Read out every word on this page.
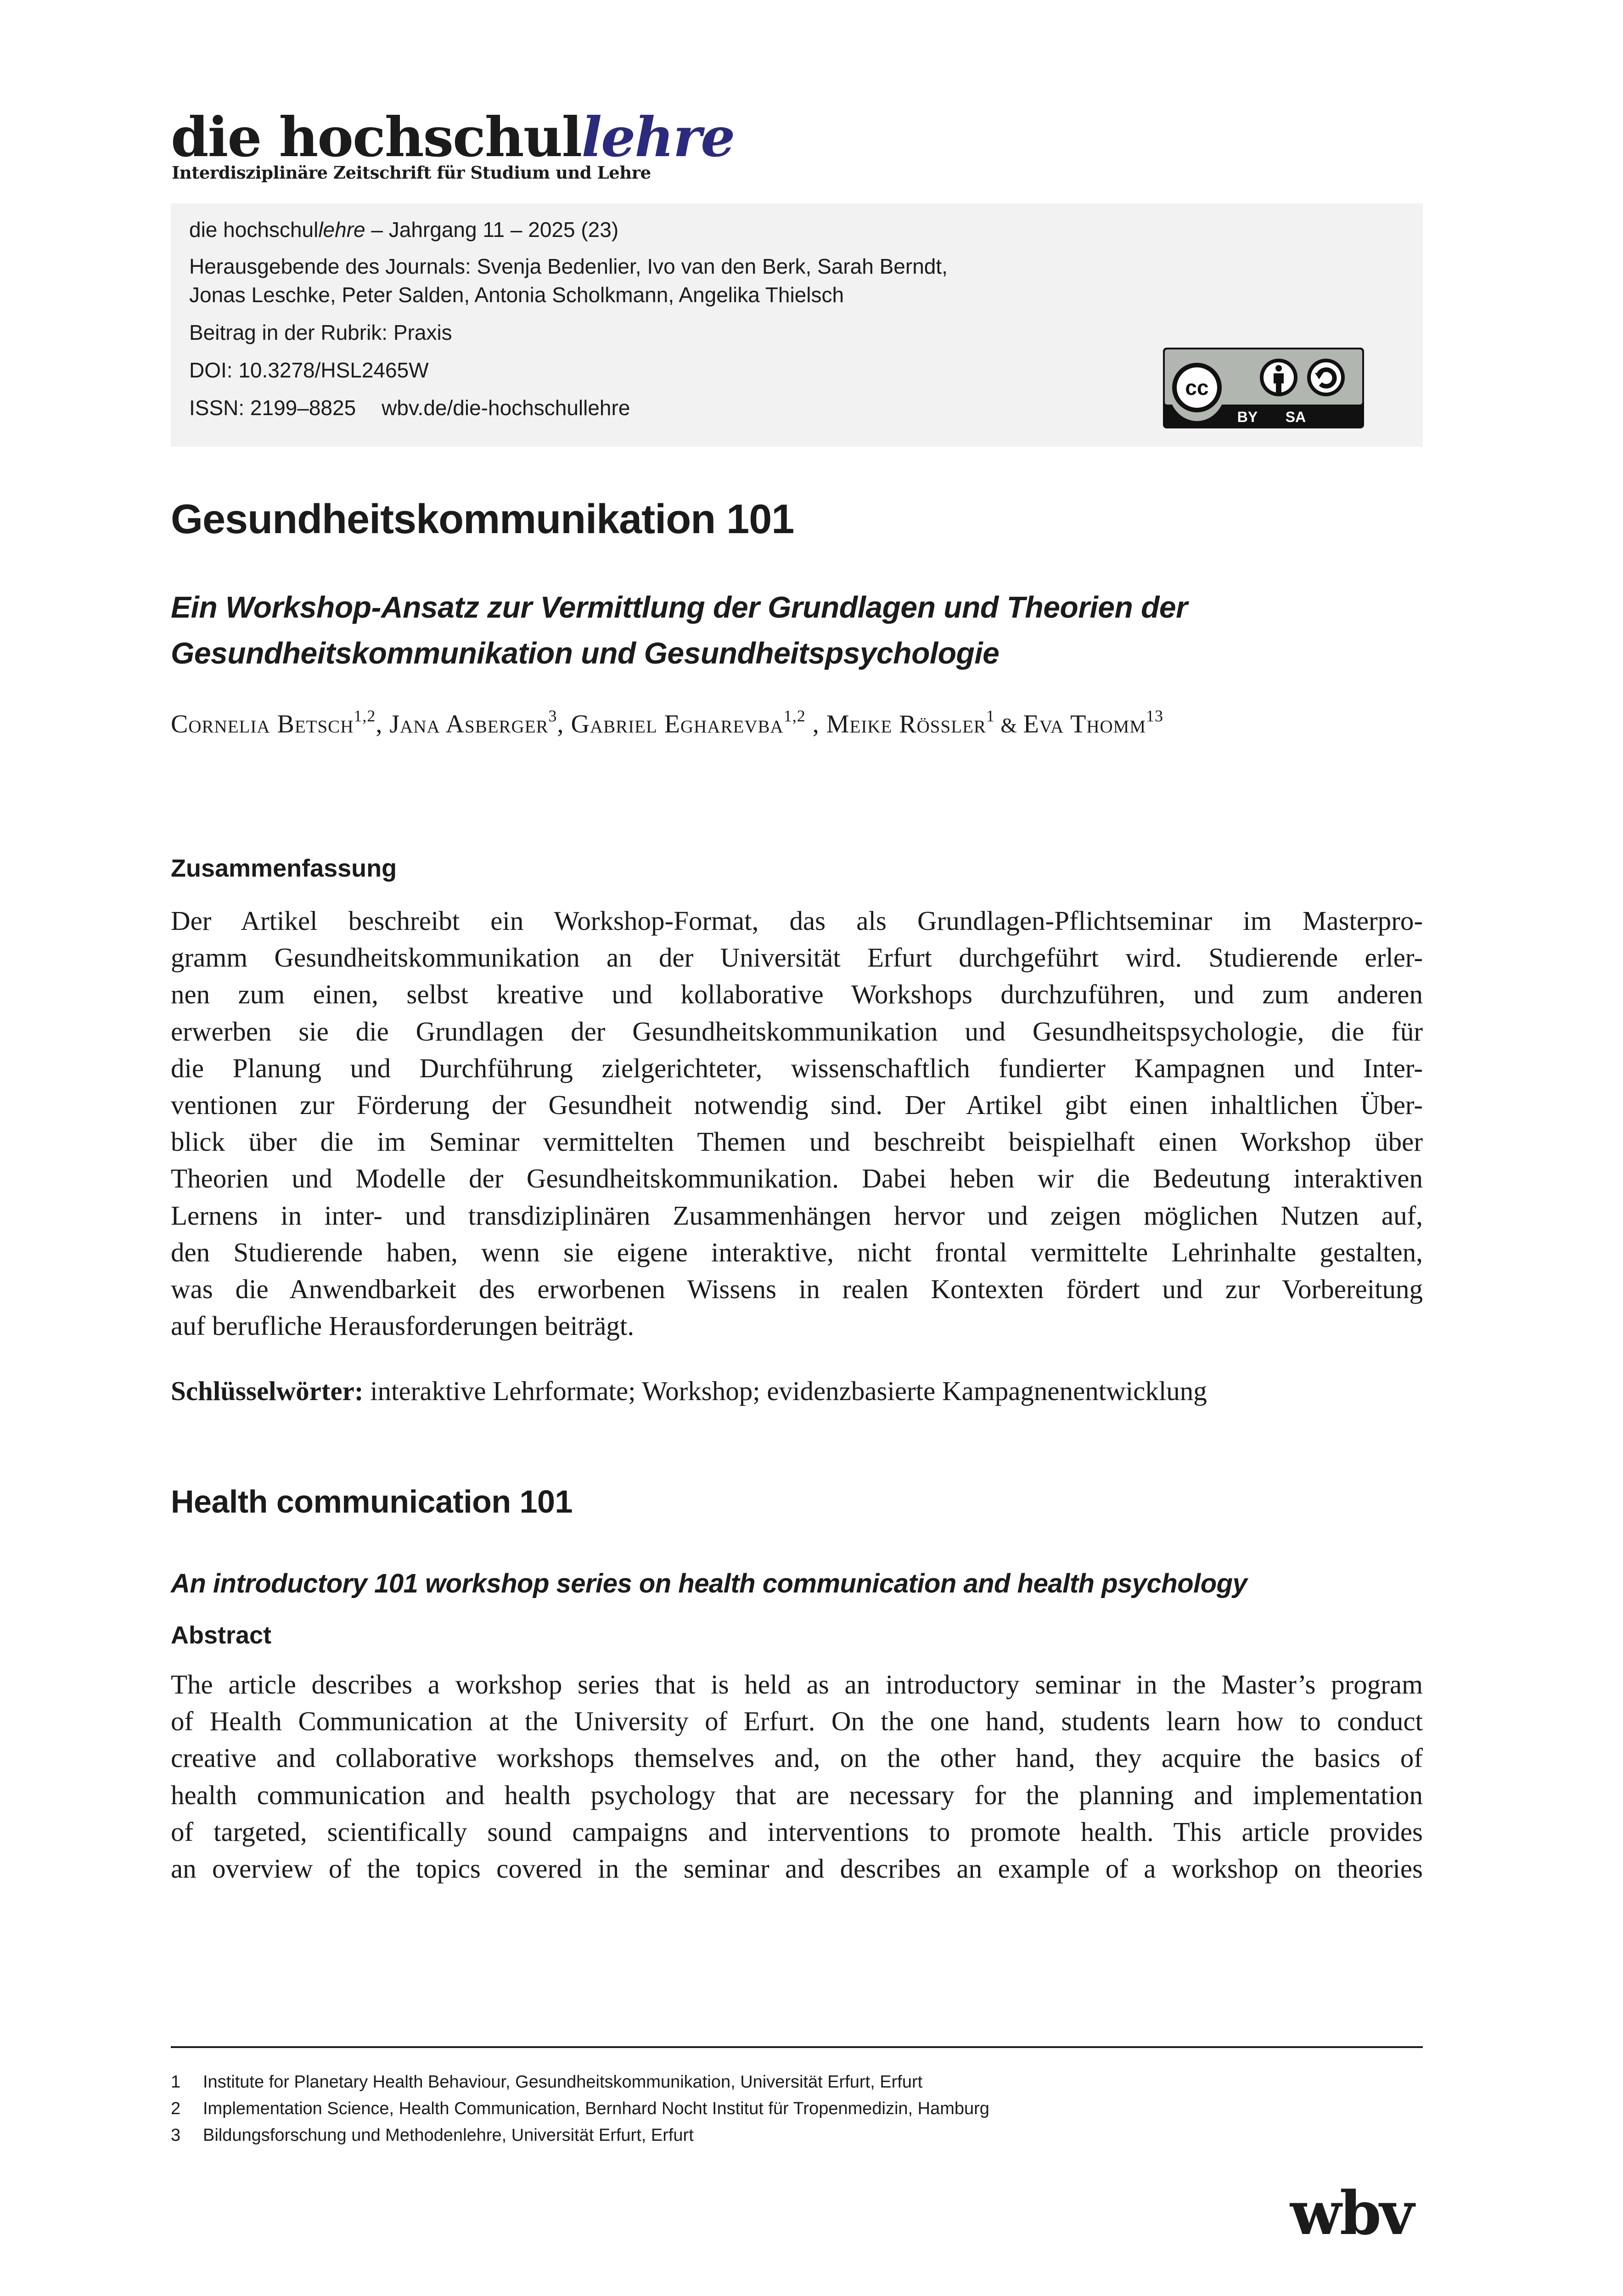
die hochschullehre
Interdisziplinäre Zeitschrift für Studium und Lehre
die hochschullehre – Jahrgang 11 – 2025 (23)
Herausgebende des Journals: Svenja Bedenlier, Ivo van den Berk, Sarah Berndt,
Jonas Leschke, Peter Salden, Antonia Scholkmann, Angelika Thielsch
Beitrag in der Rubrik: Praxis
DOI: 10.3278/HSL2465W
ISSN: 2199–8825 wbv.de/die-hochschullehre
cc
BY SA
Gesundheitskommunikation 101
Ein Workshop-Ansatz zur Vermittlung der Grundlagen und Theorien der
Gesundheitskommunikation und Gesundheitspsychologie
Cornelia Betsch$^{1,2}$, Jana Asberger$^3$, Gabriel Egharevba$^{1,2}$ , Meike Rössler$^1$ & Eva Thomm$^{13}$
Zusammenfassung
Der Artikel beschreibt ein Workshop-Format, das als Grundlagen-Pflichtseminar im Masterpro-
gramm Gesundheitskommunikation an der Universität Erfurt durchgeführt wird. Studierende erler-
nen zum einen, selbst kreative und kollaborative Workshops durchzuführen, und zum anderen
erwerben sie die Grundlagen der Gesundheitskommunikation und Gesundheitspsychologie, die für
die Planung und Durchführung zielgerichteter, wissenschaftlich fundierter Kampagnen und Inter-
ventionen zur Förderung der Gesundheit notwendig sind. Der Artikel gibt einen inhaltlichen Über-
blick über die im Seminar vermittelten Themen und beschreibt beispielhaft einen Workshop über
Theorien und Modelle der Gesundheitskommunikation. Dabei heben wir die Bedeutung interaktiven
Lernens in inter- und transdiziplinären Zusammenhängen hervor und zeigen möglichen Nutzen auf,
den Studierende haben, wenn sie eigene interaktive, nicht frontal vermittelte Lehrinhalte gestalten,
was die Anwendbarkeit des erworbenen Wissens in realen Kontexten fördert und zur Vorbereitung
auf berufliche Herausforderungen beiträgt.
Schlüsselwörter: interaktive Lehrformate; Workshop; evidenzbasierte Kampagnenentwicklung
Health communication 101
An introductory 101 workshop series on health communication and health psychology
Abstract
The article describes a workshop series that is held as an introductory seminar in the Master’s program
of Health Communication at the University of Erfurt. On the one hand, students learn how to conduct
creative and collaborative workshops themselves and, on the other hand, they acquire the basics of
health communication and health psychology that are necessary for the planning and implementation
of targeted, scientifically sound campaigns and interventions to promote health. This article provides
an overview of the topics covered in the seminar and describes an example of a workshop on theories
1	Institute for Planetary Health Behaviour, Gesundheitskommunikation, Universität Erfurt, Erfurt
2	Implementation Science, Health Communication, Bernhard Nocht Institut für Tropenmedizin, Hamburg
3	Bildungsforschung und Methodenlehre, Universität Erfurt, Erfurt
wbv
